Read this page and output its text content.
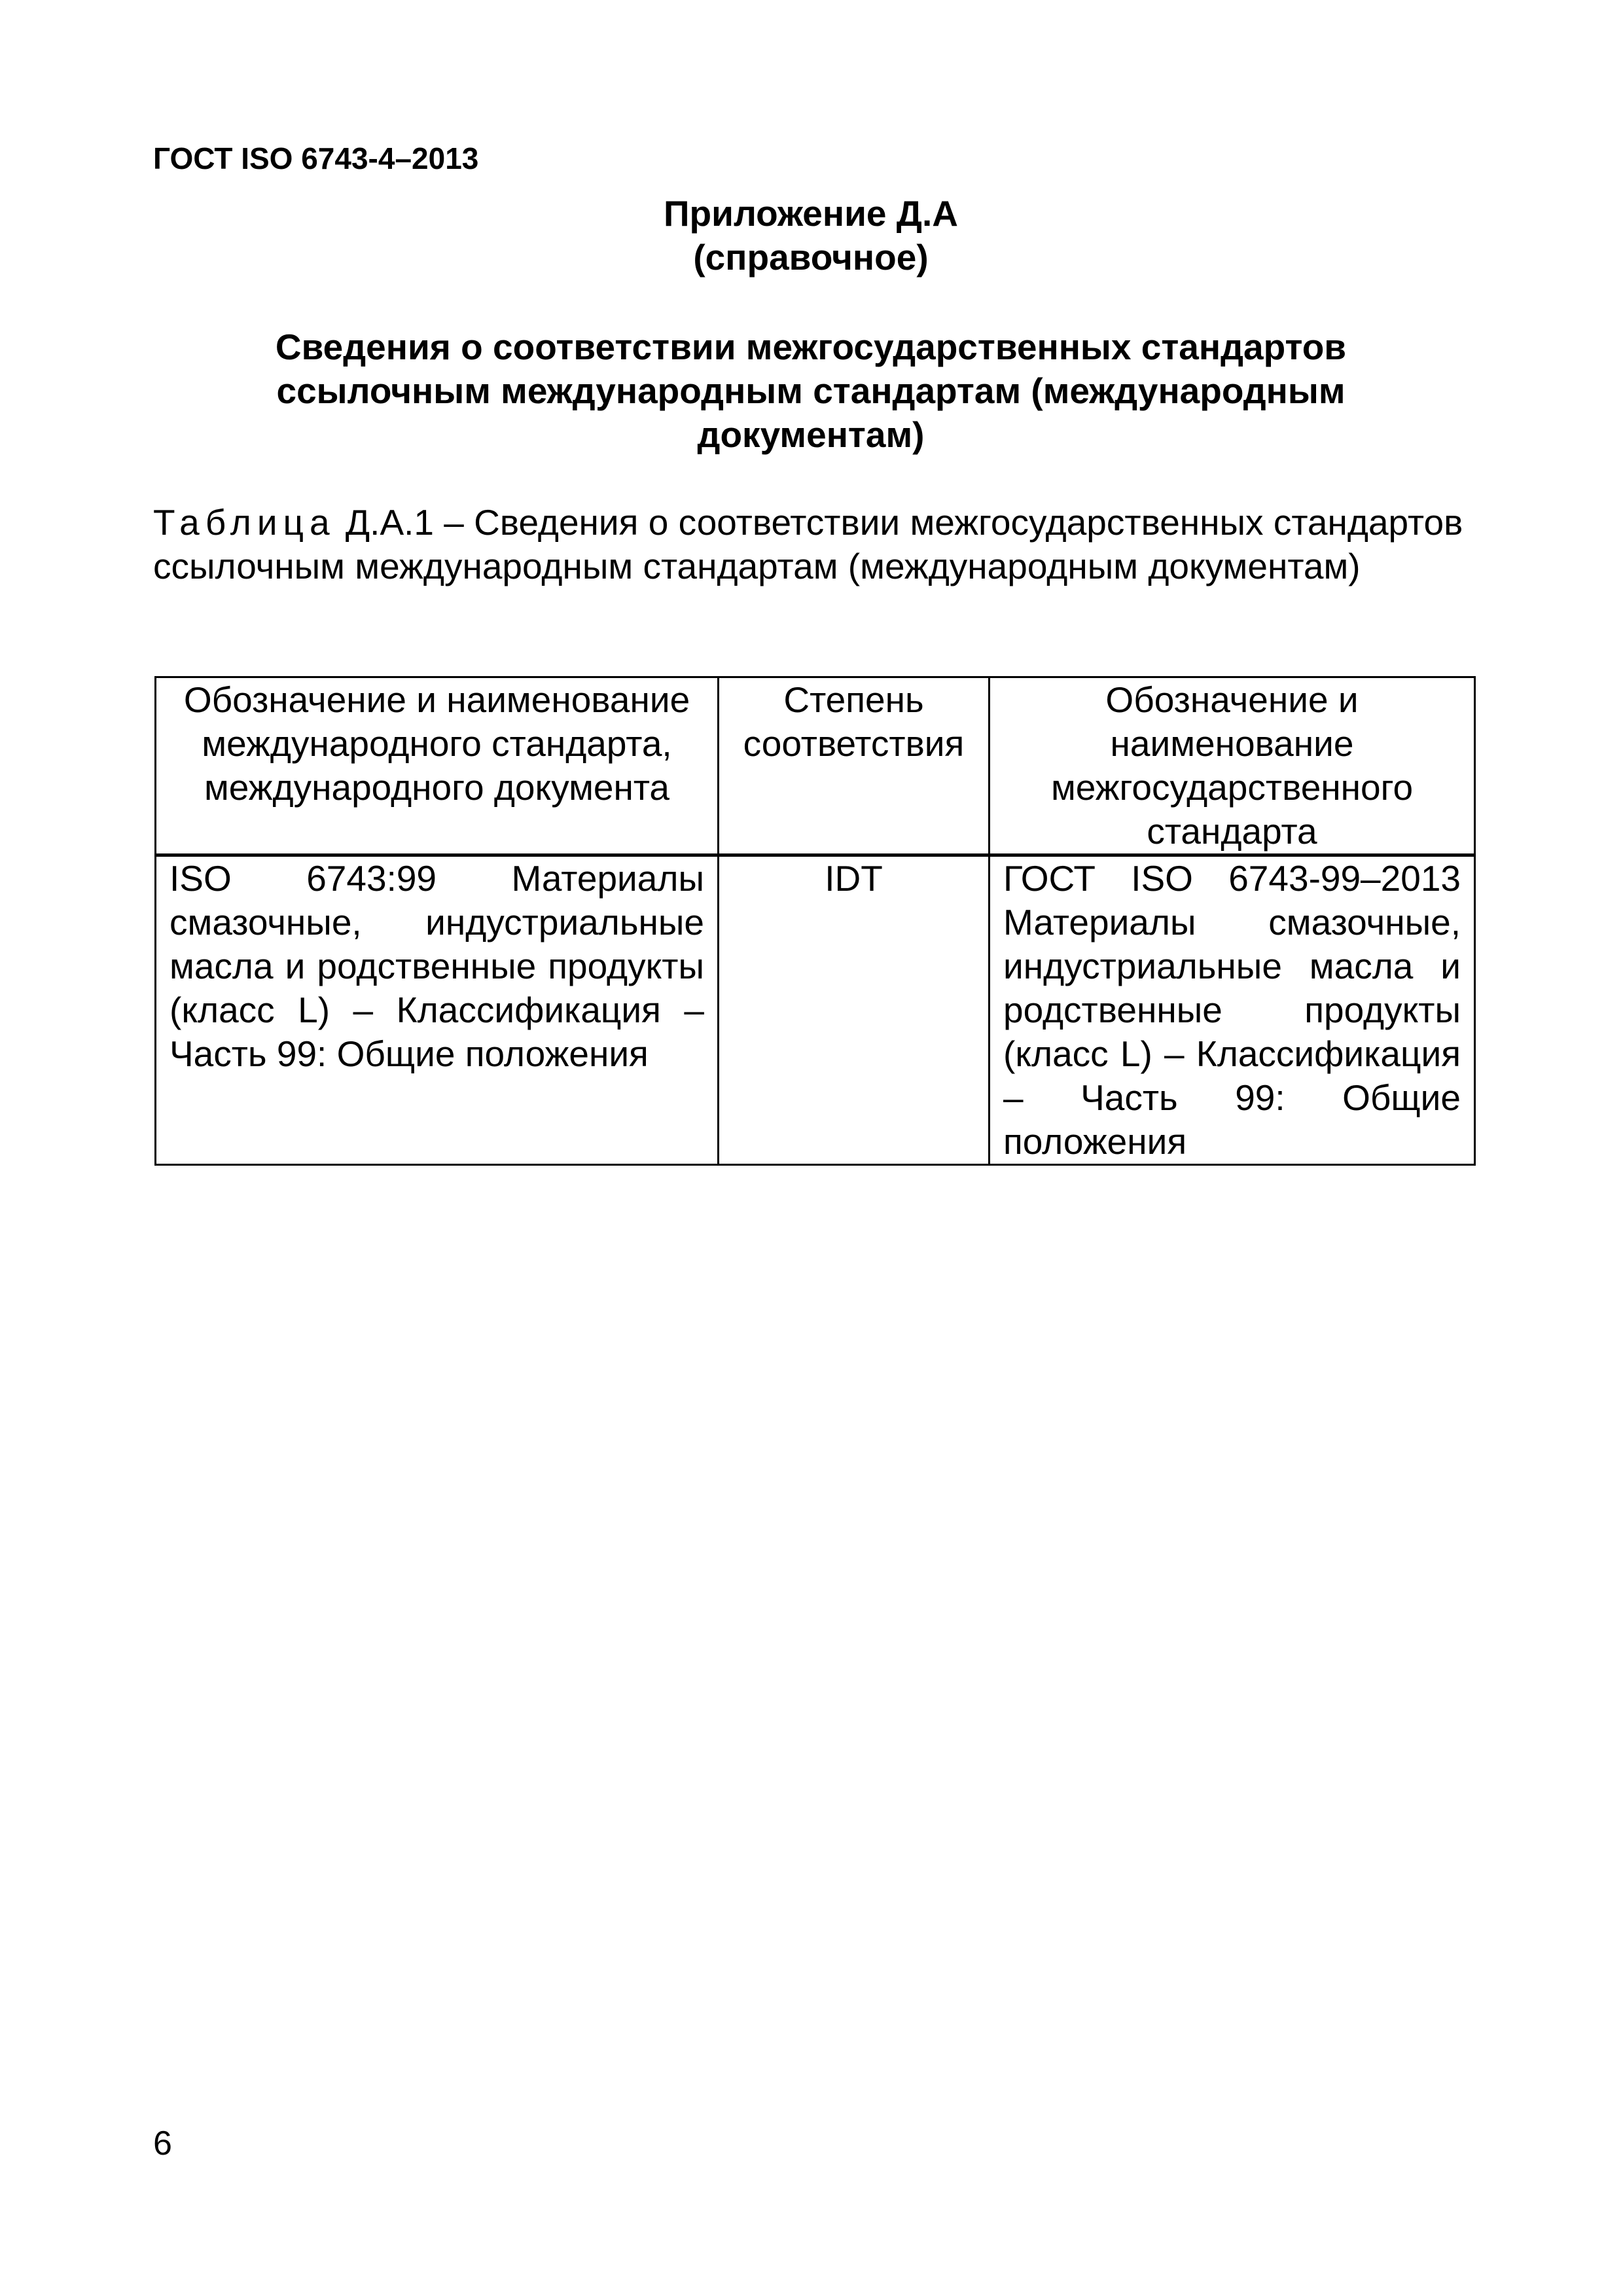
ГОСТ ISO 6743-4–2013
Приложение Д.А
(справочное)
Сведения о соответствии межгосударственных стандартов
ссылочным международным стандартам (международным
документам)
Таблица Д.А.1 – Сведения о соответствии межгосударственных стандартов ссылочным международным стандартам (международным документам)
Обозначение и наименование международного стандарта, международного документа	Степень соответствия	Обозначение и наименование межгосударственного стандарта
ISO 6743:99 Материалы смазочные, индустриальные масла и родственные продукты (класс L) – Классификация – Часть 99: Общие положения	IDT	ГОСТ ISO 6743-99–2013 Материалы смазочные, индустриальные масла и родственные продукты (класс L) – Классификация – Часть 99: Общие положения
6
